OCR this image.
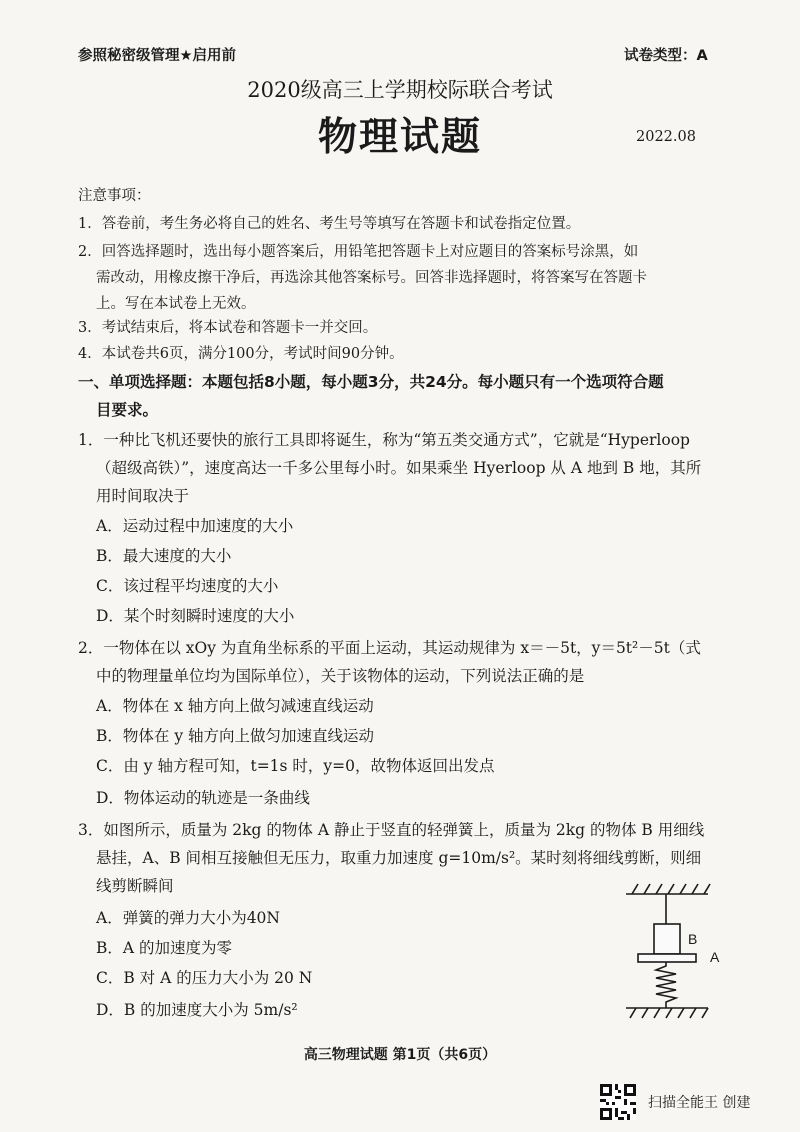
参照秘密级管理★启用前	试卷类型：A
2020级高三上学期校际联合考试
物理试题	2022.08
注意事项：
1．答卷前，考生务必将自己的姓名、考生号等填写在答题卡和试卷指定位置。
2．回答选择题时，选出每小题答案后，用铅笔把答题卡上对应题目的答案标号涂黑，如
需改动，用橡皮擦干净后，再选涂其他答案标号。回答非选择题时，将答案写在答题卡
上。写在本试卷上无效。
3．考试结束后，将本试卷和答题卡一并交回。
4．本试卷共6页，满分100分，考试时间90分钟。
一、单项选择题：本题包括8小题，每小题3分，共24分。每小题只有一个选项符合题
目要求。
1．一种比飞机还要快的旅行工具即将诞生，称为“第五类交通方式”，它就是“Hyperloop
（超级高铁）”，速度高达一千多公里每小时。如果乘坐 Hyerloop 从 A 地到 B 地，其所
用时间取决于
A．运动过程中加速度的大小
B．最大速度的大小
C．该过程平均速度的大小
D．某个时刻瞬时速度的大小
2．一物体在以 xOy 为直角坐标系的平面上运动，其运动规律为 x＝－5t，y＝5t²－5t（式
中的物理量单位均为国际单位），关于该物体的运动，下列说法正确的是
A．物体在 x 轴方向上做匀减速直线运动
B．物体在 y 轴方向上做匀加速直线运动
C．由 y 轴方程可知，t=1s 时，y=0，故物体返回出发点
D．物体运动的轨迹是一条曲线
3．如图所示，质量为 2kg 的物体 A 静止于竖直的轻弹簧上，质量为 2kg 的物体 B 用细线
悬挂，A、B 间相互接触但无压力，取重力加速度 g=10m/s²。某时刻将细线剪断，则细
线剪断瞬间
A．弹簧的弹力大小为40N
B．A 的加速度为零
C．B 对 A 的压力大小为 20 N
D．B 的加速度大小为 5m/s²
B
A
高三物理试题 第1页（共6页）
扫描全能王 创建
